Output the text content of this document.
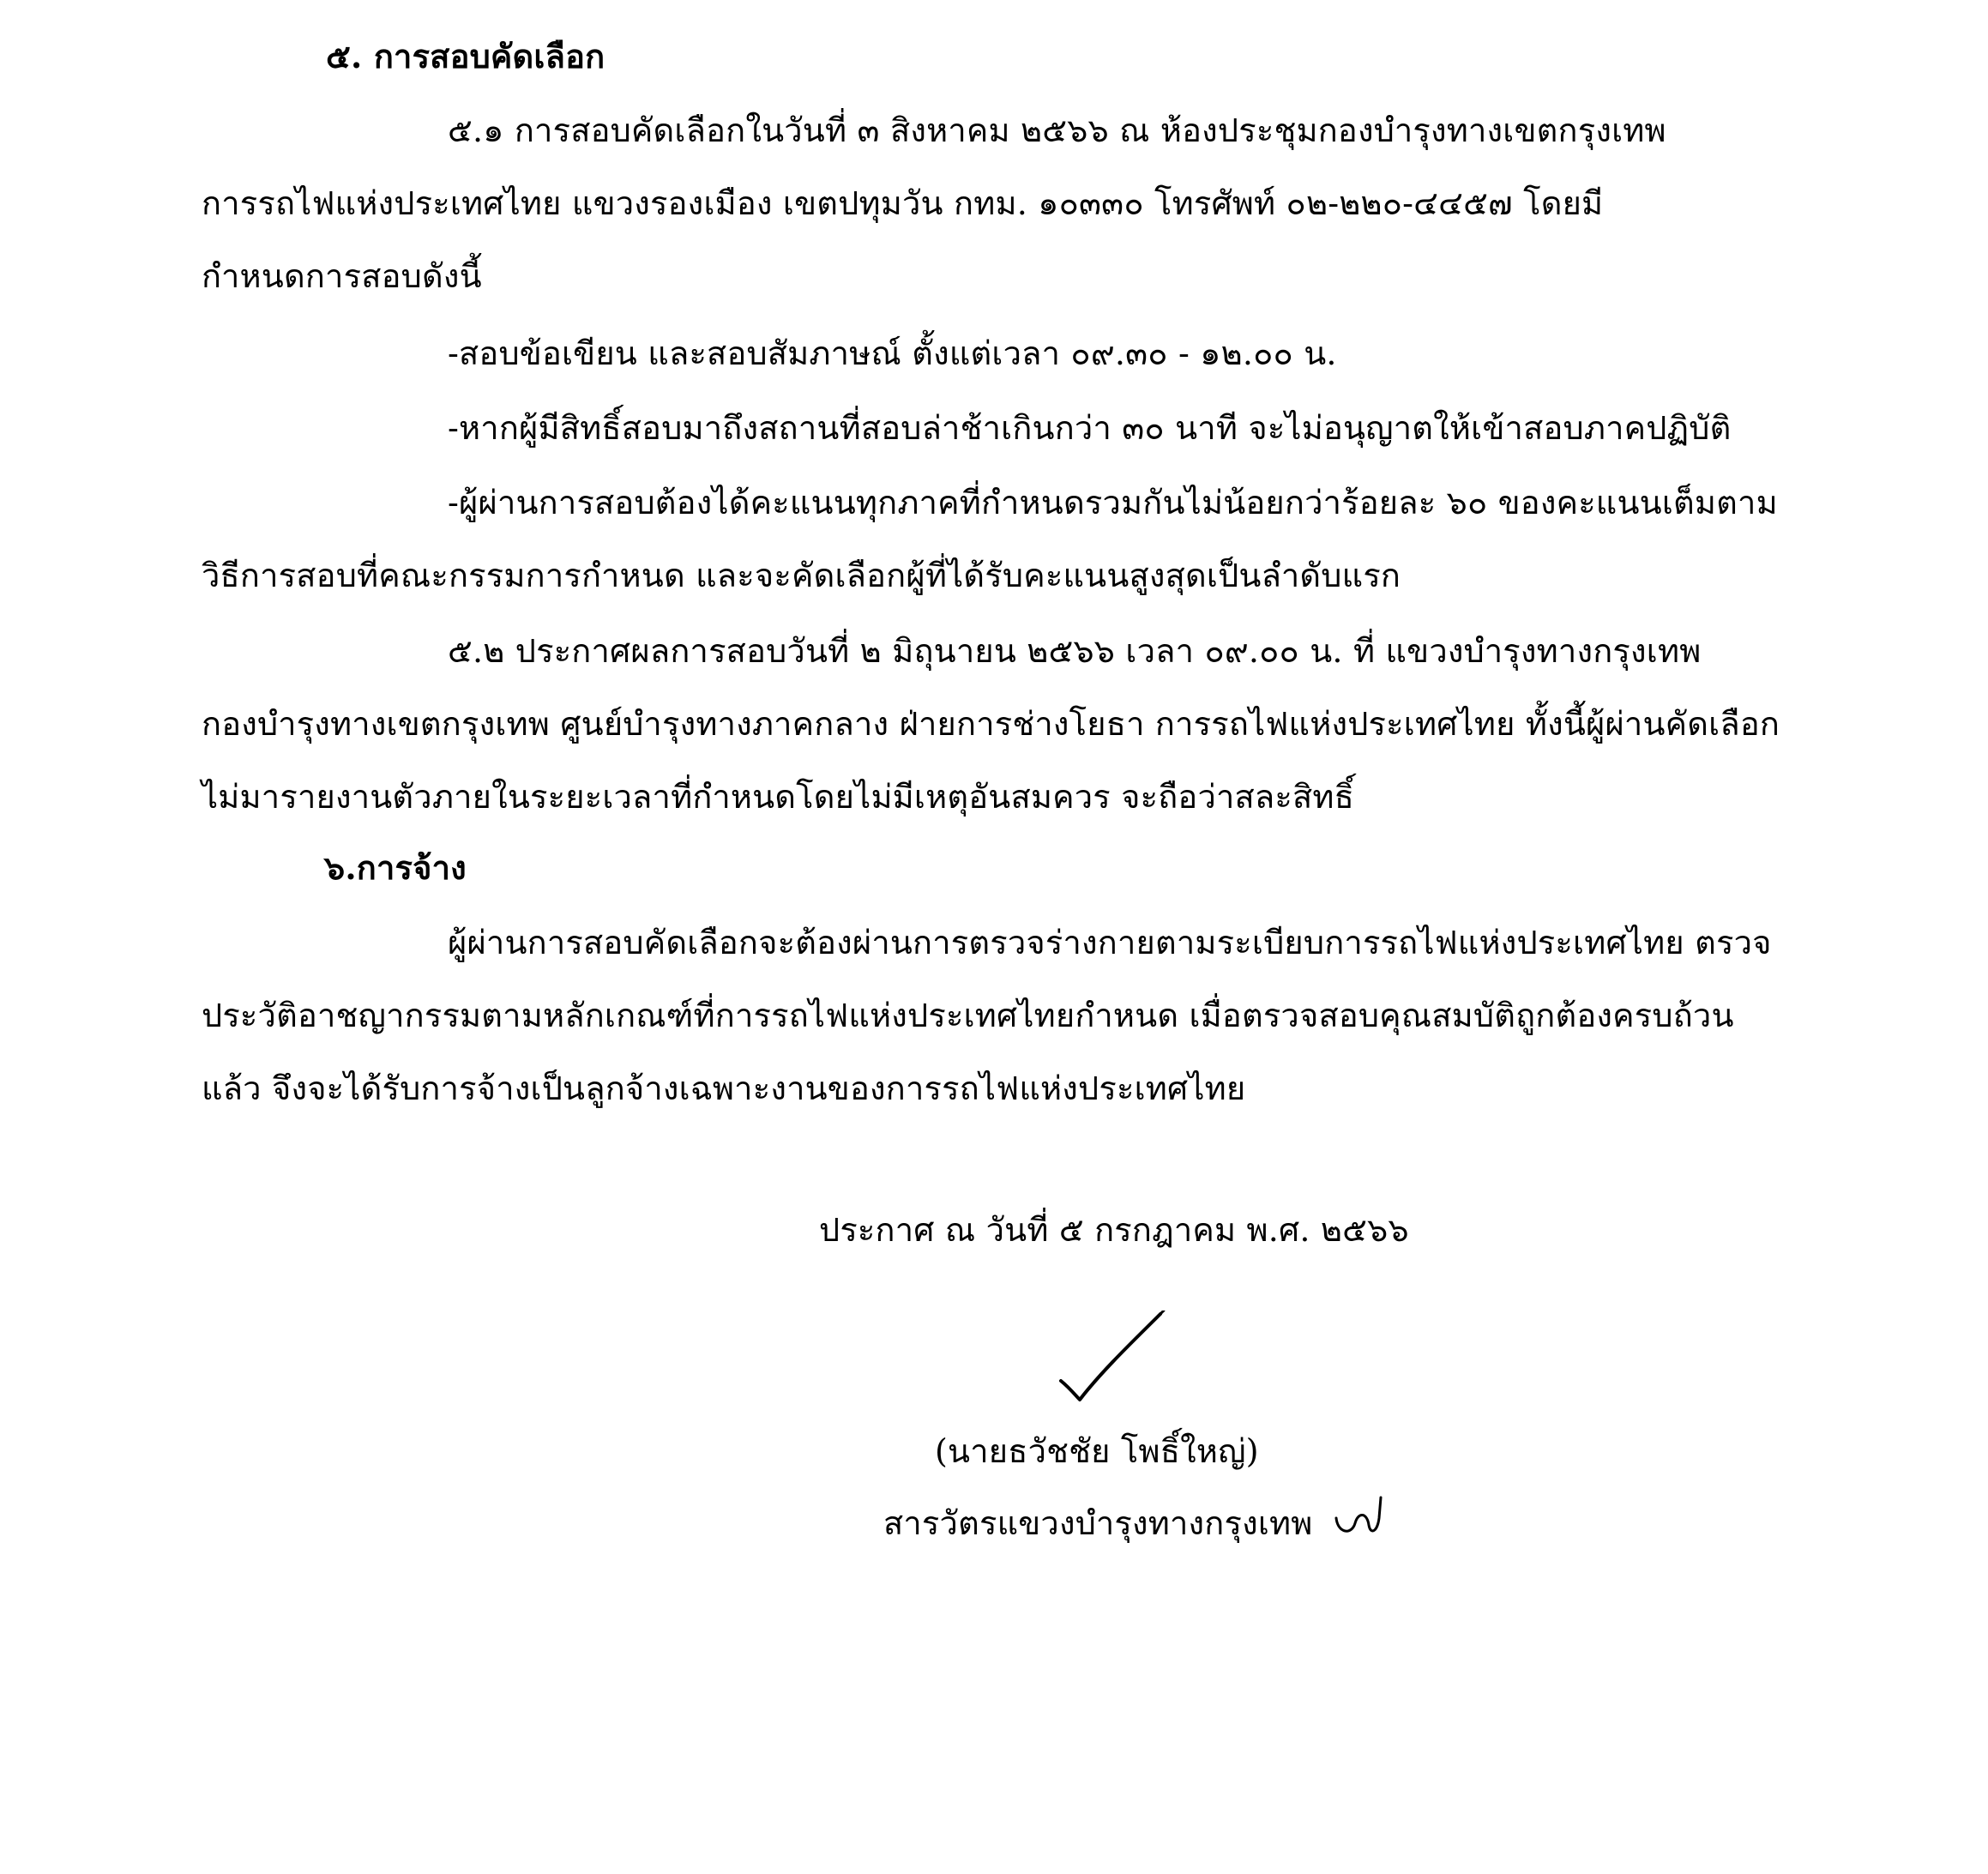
๕. การสอบคัดเลือก
๕.๑ การสอบคัดเลือกในวันที่ ๓ สิงหาคม ๒๕๖๖ ณ ห้องประชุมกองบำรุงทางเขตกรุงเทพ
การรถไฟแห่งประเทศไทย แขวงรองเมือง เขตปทุมวัน กทม. ๑๐๓๓๐ โทรศัพท์ ๐๒-๒๒๐-๔๔๕๗ โดยมี
กำหนดการสอบดังนี้
-สอบข้อเขียน และสอบสัมภาษณ์ ตั้งแต่เวลา ๐๙.๓๐ - ๑๒.๐๐ น.
-หากผู้มีสิทธิ์สอบมาถึงสถานที่สอบล่าช้าเกินกว่า ๓๐ นาที จะไม่อนุญาตให้เข้าสอบภาคปฏิบัติ
-ผู้ผ่านการสอบต้องได้คะแนนทุกภาคที่กำหนดรวมกันไม่น้อยกว่าร้อยละ ๖๐ ของคะแนนเต็มตาม
วิธีการสอบที่คณะกรรมการกำหนด และจะคัดเลือกผู้ที่ได้รับคะแนนสูงสุดเป็นลำดับแรก
๕.๒ ประกาศผลการสอบวันที่ ๒ มิถุนายน ๒๕๖๖ เวลา ๐๙.๐๐ น. ที่ แขวงบำรุงทางกรุงเทพ
กองบำรุงทางเขตกรุงเทพ ศูนย์บำรุงทางภาคกลาง ฝ่ายการช่างโยธา การรถไฟแห่งประเทศไทย ทั้งนี้ผู้ผ่านคัดเลือก
ไม่มารายงานตัวภายในระยะเวลาที่กำหนดโดยไม่มีเหตุอันสมควร จะถือว่าสละสิทธิ์
๖.การจ้าง
ผู้ผ่านการสอบคัดเลือกจะต้องผ่านการตรวจร่างกายตามระเบียบการรถไฟแห่งประเทศไทย ตรวจ
ประวัติอาชญากรรมตามหลักเกณฑ์ที่การรถไฟแห่งประเทศไทยกำหนด เมื่อตรวจสอบคุณสมบัติถูกต้องครบถ้วน
แล้ว จึงจะได้รับการจ้างเป็นลูกจ้างเฉพาะงานของการรถไฟแห่งประเทศไทย
ประกาศ ณ วันที่ ๕ กรกฎาคม พ.ศ. ๒๕๖๖
(นายธวัชชัย โพธิ์ใหญ่)
สารวัตรแขวงบำรุงทางกรุงเทพ
